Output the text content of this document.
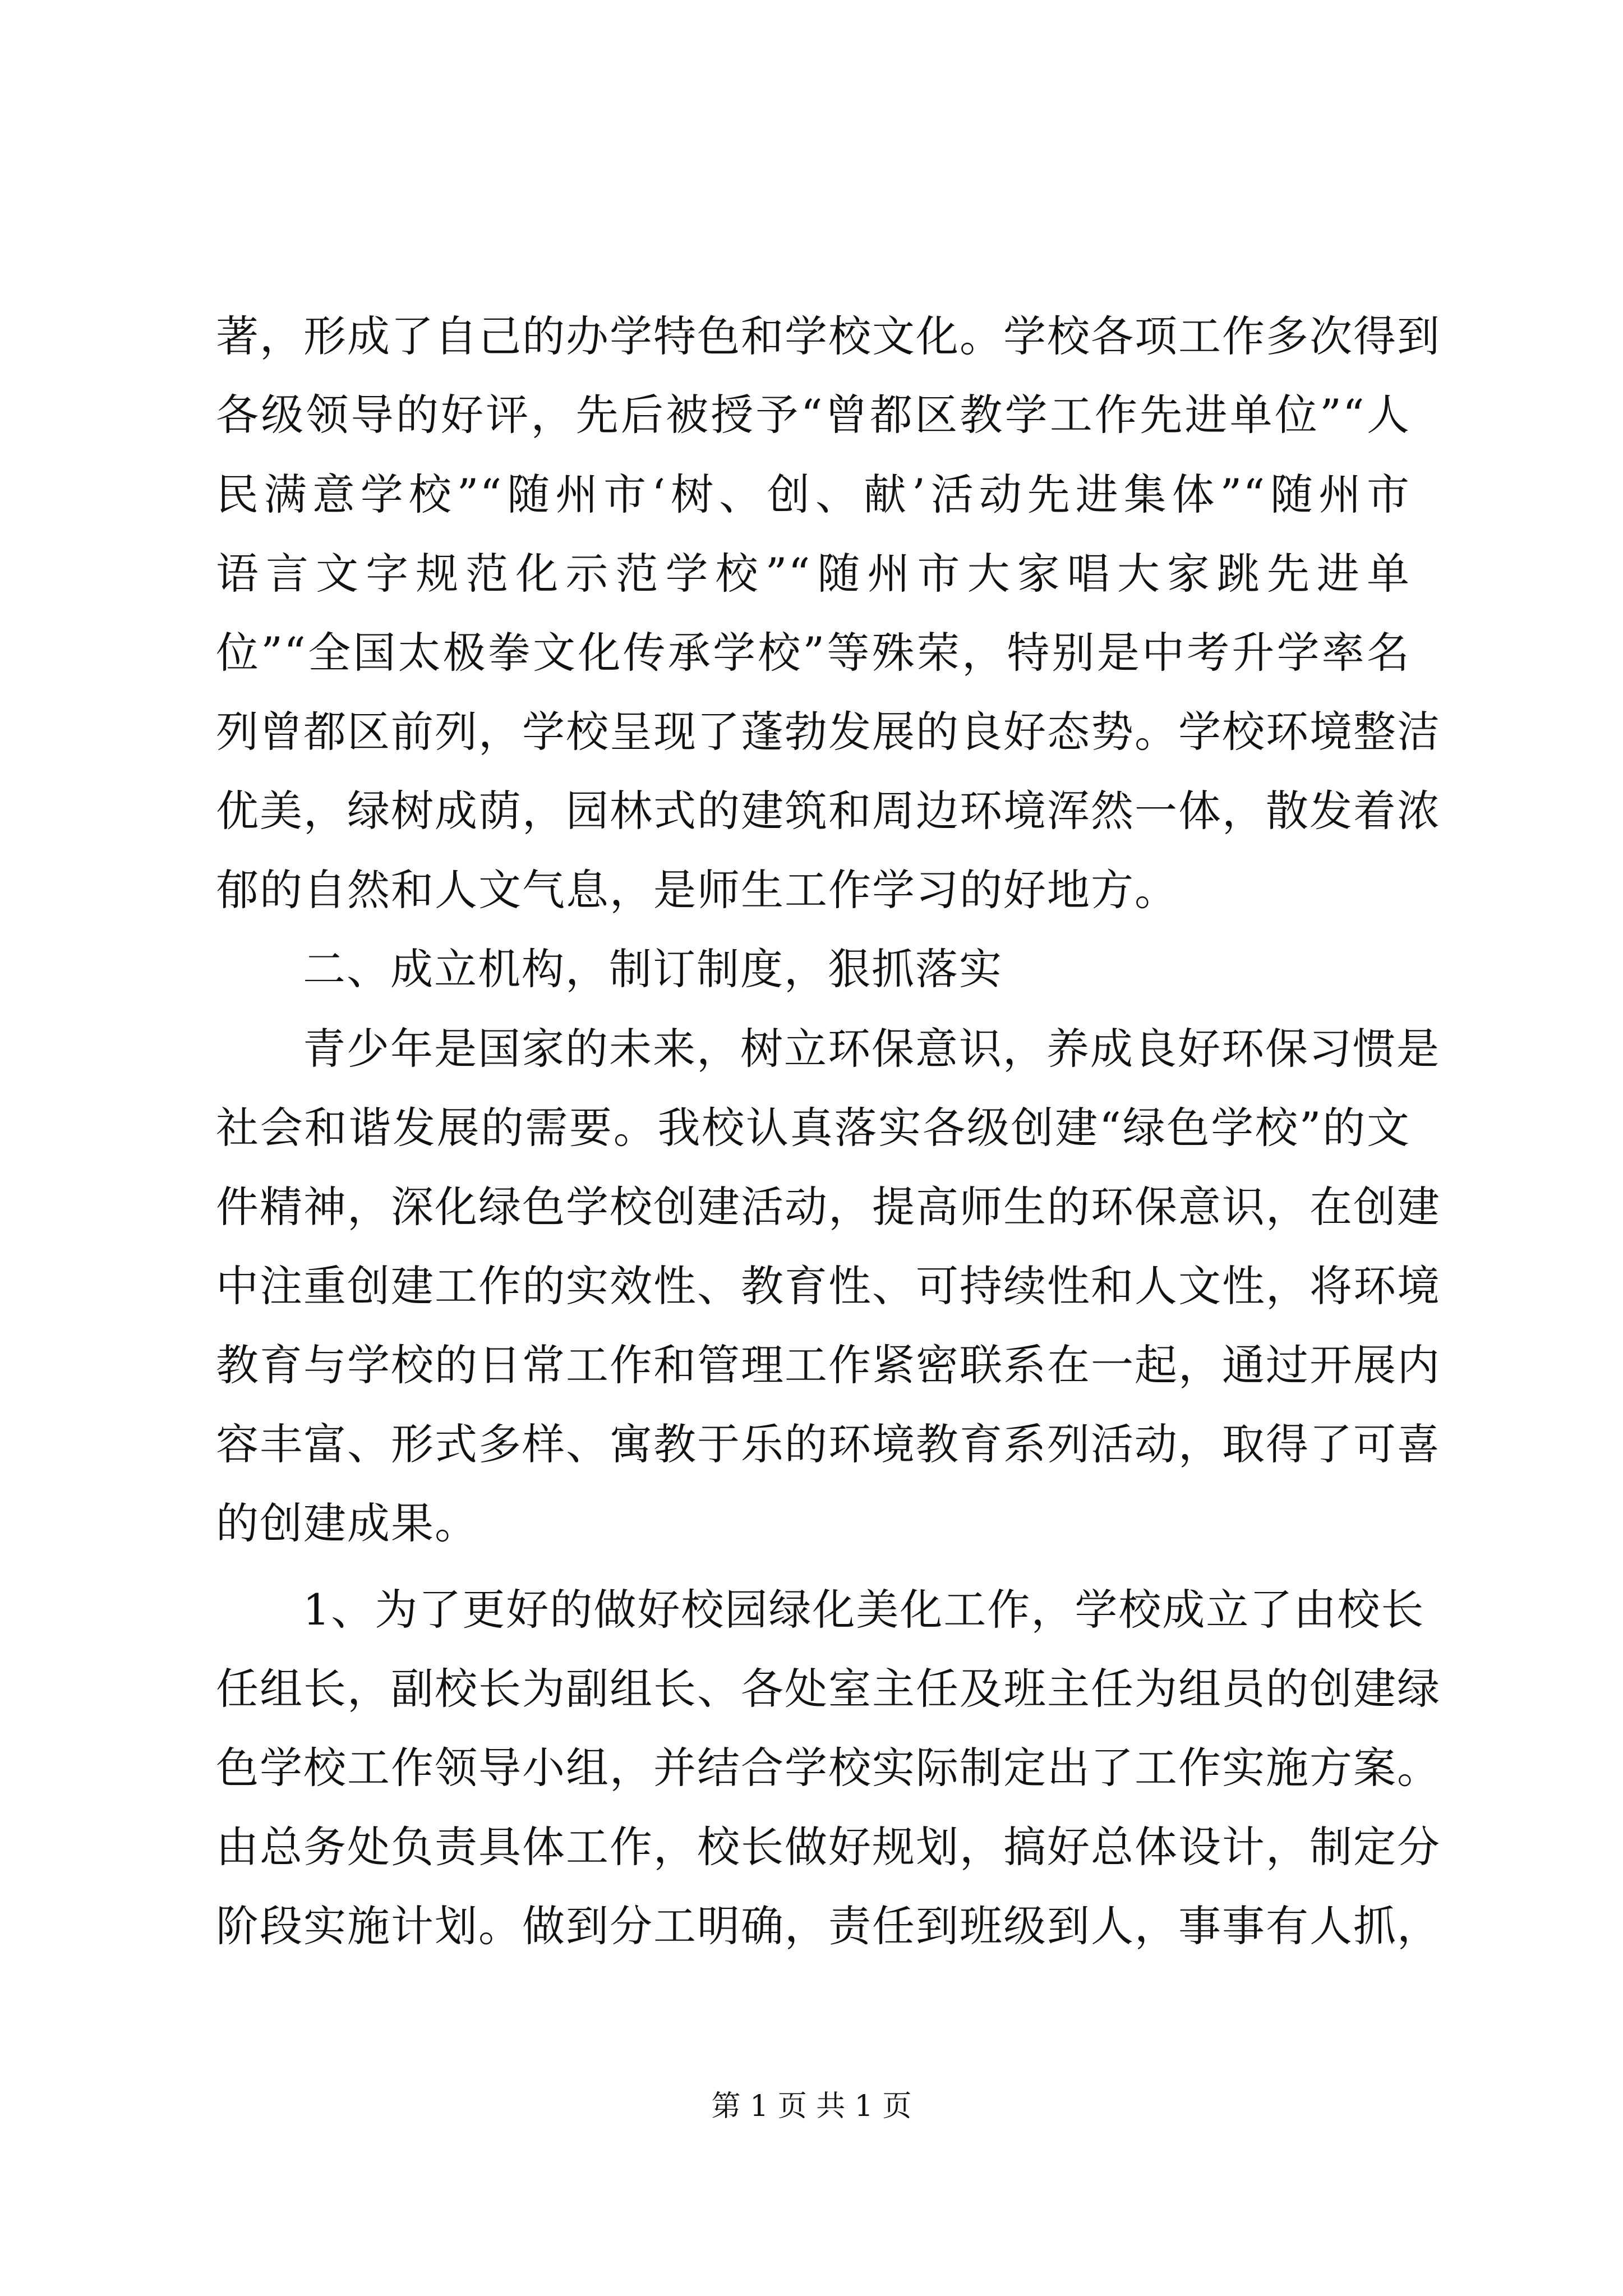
著，形成了自己的办学特色和学校文化。学校各项工作多次得到
各级领导的好评，先后被授予“曾都区教学工作先进单位”“人
民满意学校”“随州市‘树、创、献’活动先进集体”“随州市
语言文字规范化示范学校”“随州市大家唱大家跳先进单
位”“全国太极拳文化传承学校”等殊荣，特别是中考升学率名
列曾都区前列，学校呈现了蓬勃发展的良好态势。学校环境整洁
优美，绿树成荫，园林式的建筑和周边环境浑然一体，散发着浓
郁的自然和人文气息，是师生工作学习的好地方。
二、成立机构，制订制度，狠抓落实
青少年是国家的未来，树立环保意识，养成良好环保习惯是
社会和谐发展的需要。我校认真落实各级创建“绿色学校”的文
件精神，深化绿色学校创建活动，提高师生的环保意识，在创建
中注重创建工作的实效性、教育性、可持续性和人文性，将环境
教育与学校的日常工作和管理工作紧密联系在一起，通过开展内
容丰富、形式多样、寓教于乐的环境教育系列活动，取得了可喜
的创建成果。
1、为了更好的做好校园绿化美化工作，学校成立了由校长
任组长，副校长为副组长、各处室主任及班主任为组员的创建绿
色学校工作领导小组，并结合学校实际制定出了工作实施方案。
由总务处负责具体工作，校长做好规划，搞好总体设计，制定分
阶段实施计划。做到分工明确，责任到班级到人，事事有人抓，
第 1 页 共 1 页
